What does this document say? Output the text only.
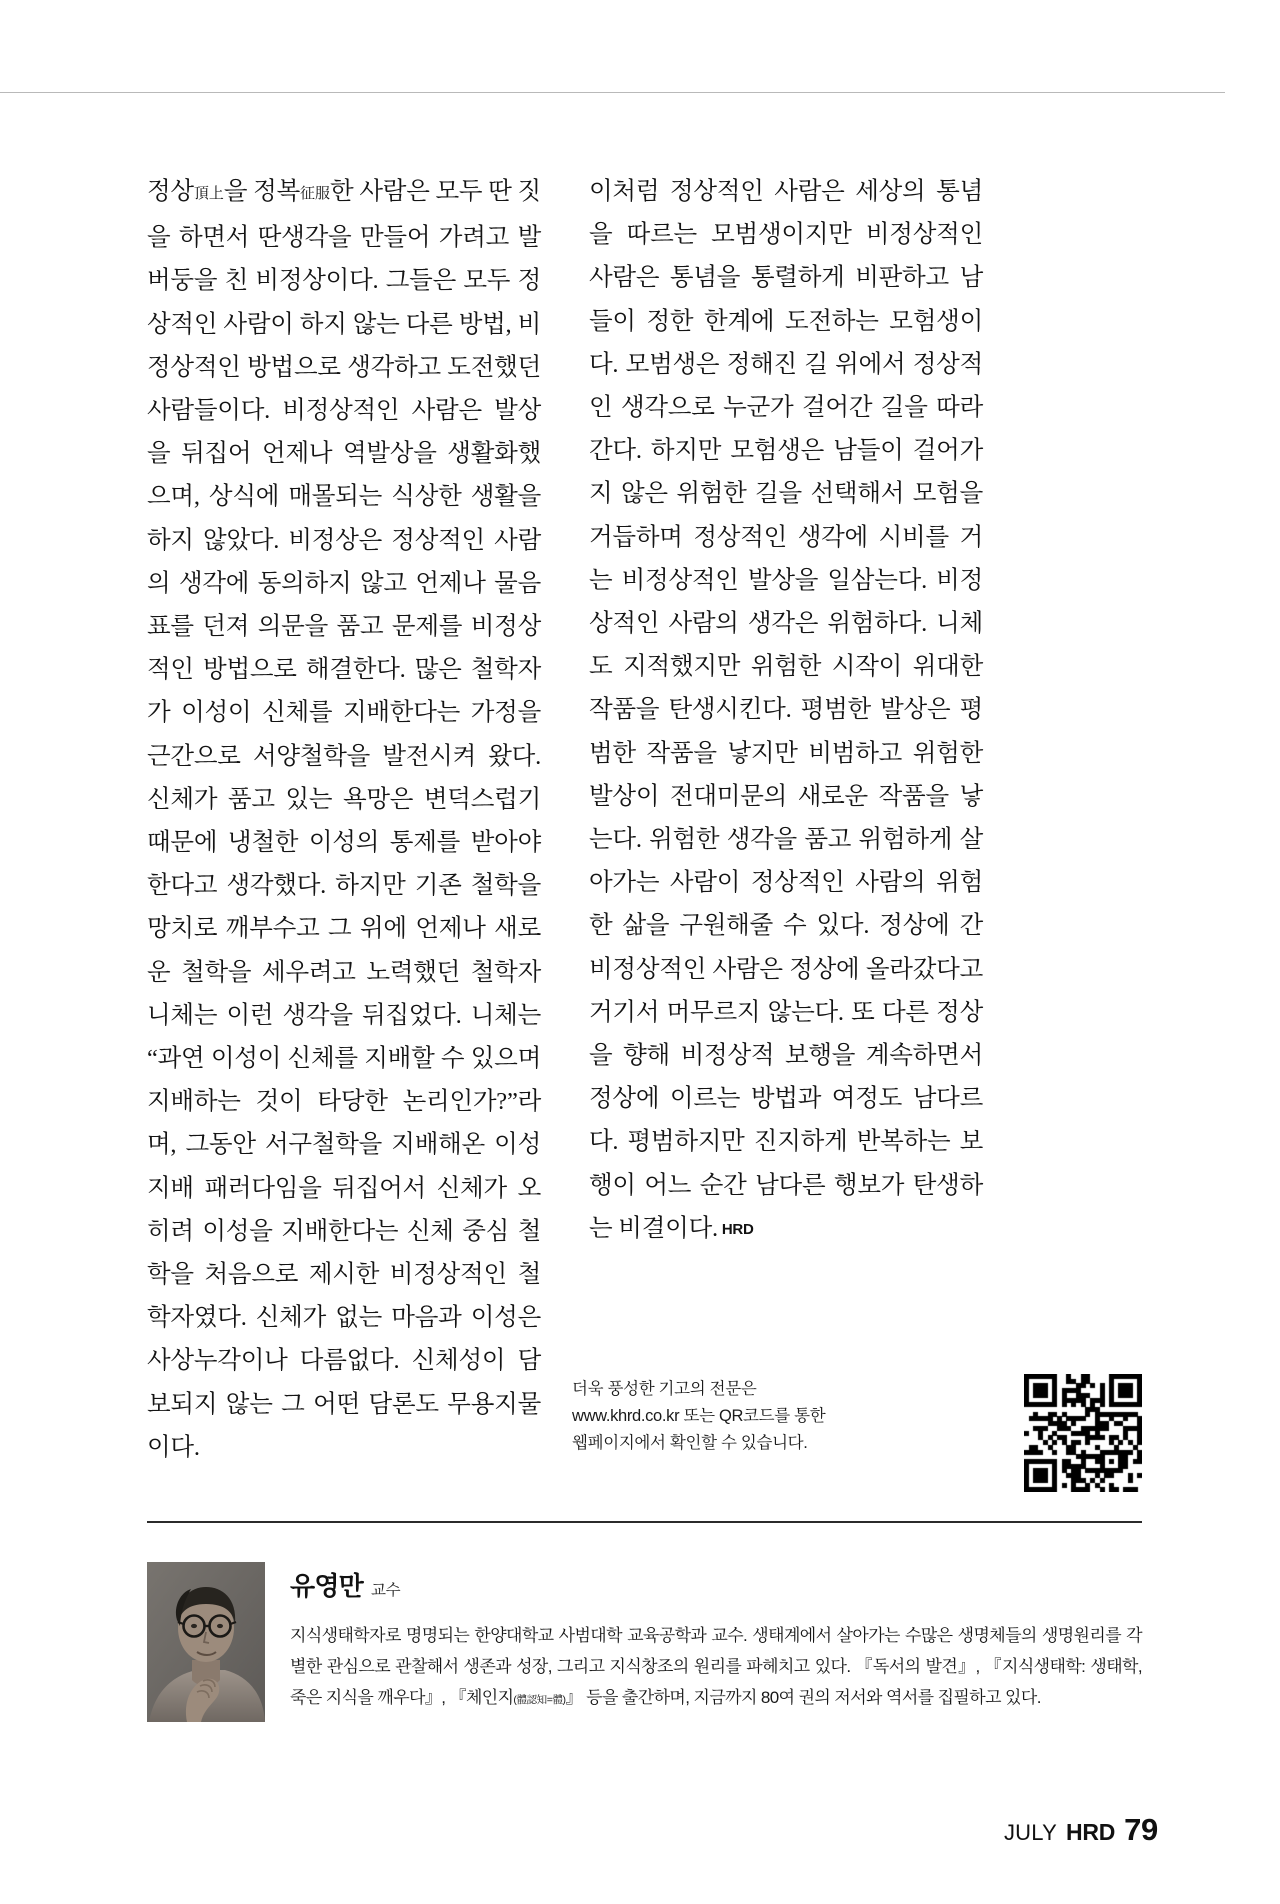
정상頂上을 정복征服한 사람은 모두 딴 짓을 하면서 딴생각을 만들어 가려고 발버둥을 친 비정상이다. 그들은 모두 정상적인 사람이 하지 않는 다른 방법, 비정상적인 방법으로 생각하고 도전했던 사람들이다. 비정상적인 사람은 발상을 뒤집어 언제나 역발상을 생활화했으며, 상식에 매몰되는 식상한 생활을 하지 않았다. 비정상은 정상적인 사람의 생각에 동의하지 않고 언제나 물음표를 던져 의문을 품고 문제를 비정상적인 방법으로 해결한다. 많은 철학자가 이성이 신체를 지배한다는 가정을 근간으로 서양철학을 발전시켜 왔다. 신체가 품고 있는 욕망은 변덕스럽기 때문에 냉철한 이성의 통제를 받아야 한다고 생각했다. 하지만 기존 철학을 망치로 깨부수고 그 위에 언제나 새로운 철학을 세우려고 노력했던 철학자 니체는 이런 생각을 뒤집었다. 니체는 “과연 이성이 신체를 지배할 수 있으며 지배하는 것이 타당한 논리인가?”라며, 그동안 서구철학을 지배해온 이성 지배 패러다임을 뒤집어서 신체가 오히려 이성을 지배한다는 신체 중심 철학을 처음으로 제시한 비정상적인 철학자였다. 신체가 없는 마음과 이성은 사상누각이나 다름없다. 신체성이 담보되지 않는 그 어떤 담론도 무용지물이다.

이처럼 정상적인 사람은 세상의 통념을 따르는 모범생이지만 비정상적인 사람은 통념을 통렬하게 비판하고 남들이 정한 한계에 도전하는 모험생이다. 모범생은 정해진 길 위에서 정상적인 생각으로 누군가 걸어간 길을 따라간다. 하지만 모험생은 남들이 걸어가지 않은 위험한 길을 선택해서 모험을 거듭하며 정상적인 생각에 시비를 거는 비정상적인 발상을 일삼는다. 비정상적인 사람의 생각은 위험하다. 니체도 지적했지만 위험한 시작이 위대한 작품을 탄생시킨다. 평범한 발상은 평범한 작품을 낳지만 비범하고 위험한 발상이 전대미문의 새로운 작품을 낳는다. 위험한 생각을 품고 위험하게 살아가는 사람이 정상적인 사람의 위험한 삶을 구원해줄 수 있다. 정상에 간 비정상적인 사람은 정상에 올라갔다고 거기서 머무르지 않는다. 또 다른 정상을 향해 비정상적 보행을 계속하면서 정상에 이르는 방법과 여정도 남다르다. 평범하지만 진지하게 반복하는 보행이 어느 순간 남다른 행보가 탄생하는 비결이다. HRD

더욱 풍성한 기고의 전문은
www.khrd.co.kr 또는 QR코드를 통한
웹페이지에서 확인할 수 있습니다.
유영만 교수
지식생태학자로 명명되는 한양대학교 사범대학 교육공학과 교수. 생태계에서 살아가는 수많은 생명체들의 생명원리를 각별한 관심으로 관찰해서 생존과 성장, 그리고 지식창조의 원리를 파헤치고 있다. 『독서의 발견』, 『지식생태학: 생태학, 죽은 지식을 깨우다』, 『체인지(體認知=體)』 등을 출간하며, 지금까지 80여 권의 저서와 역서를 집필하고 있다.
JULY HRD 79
